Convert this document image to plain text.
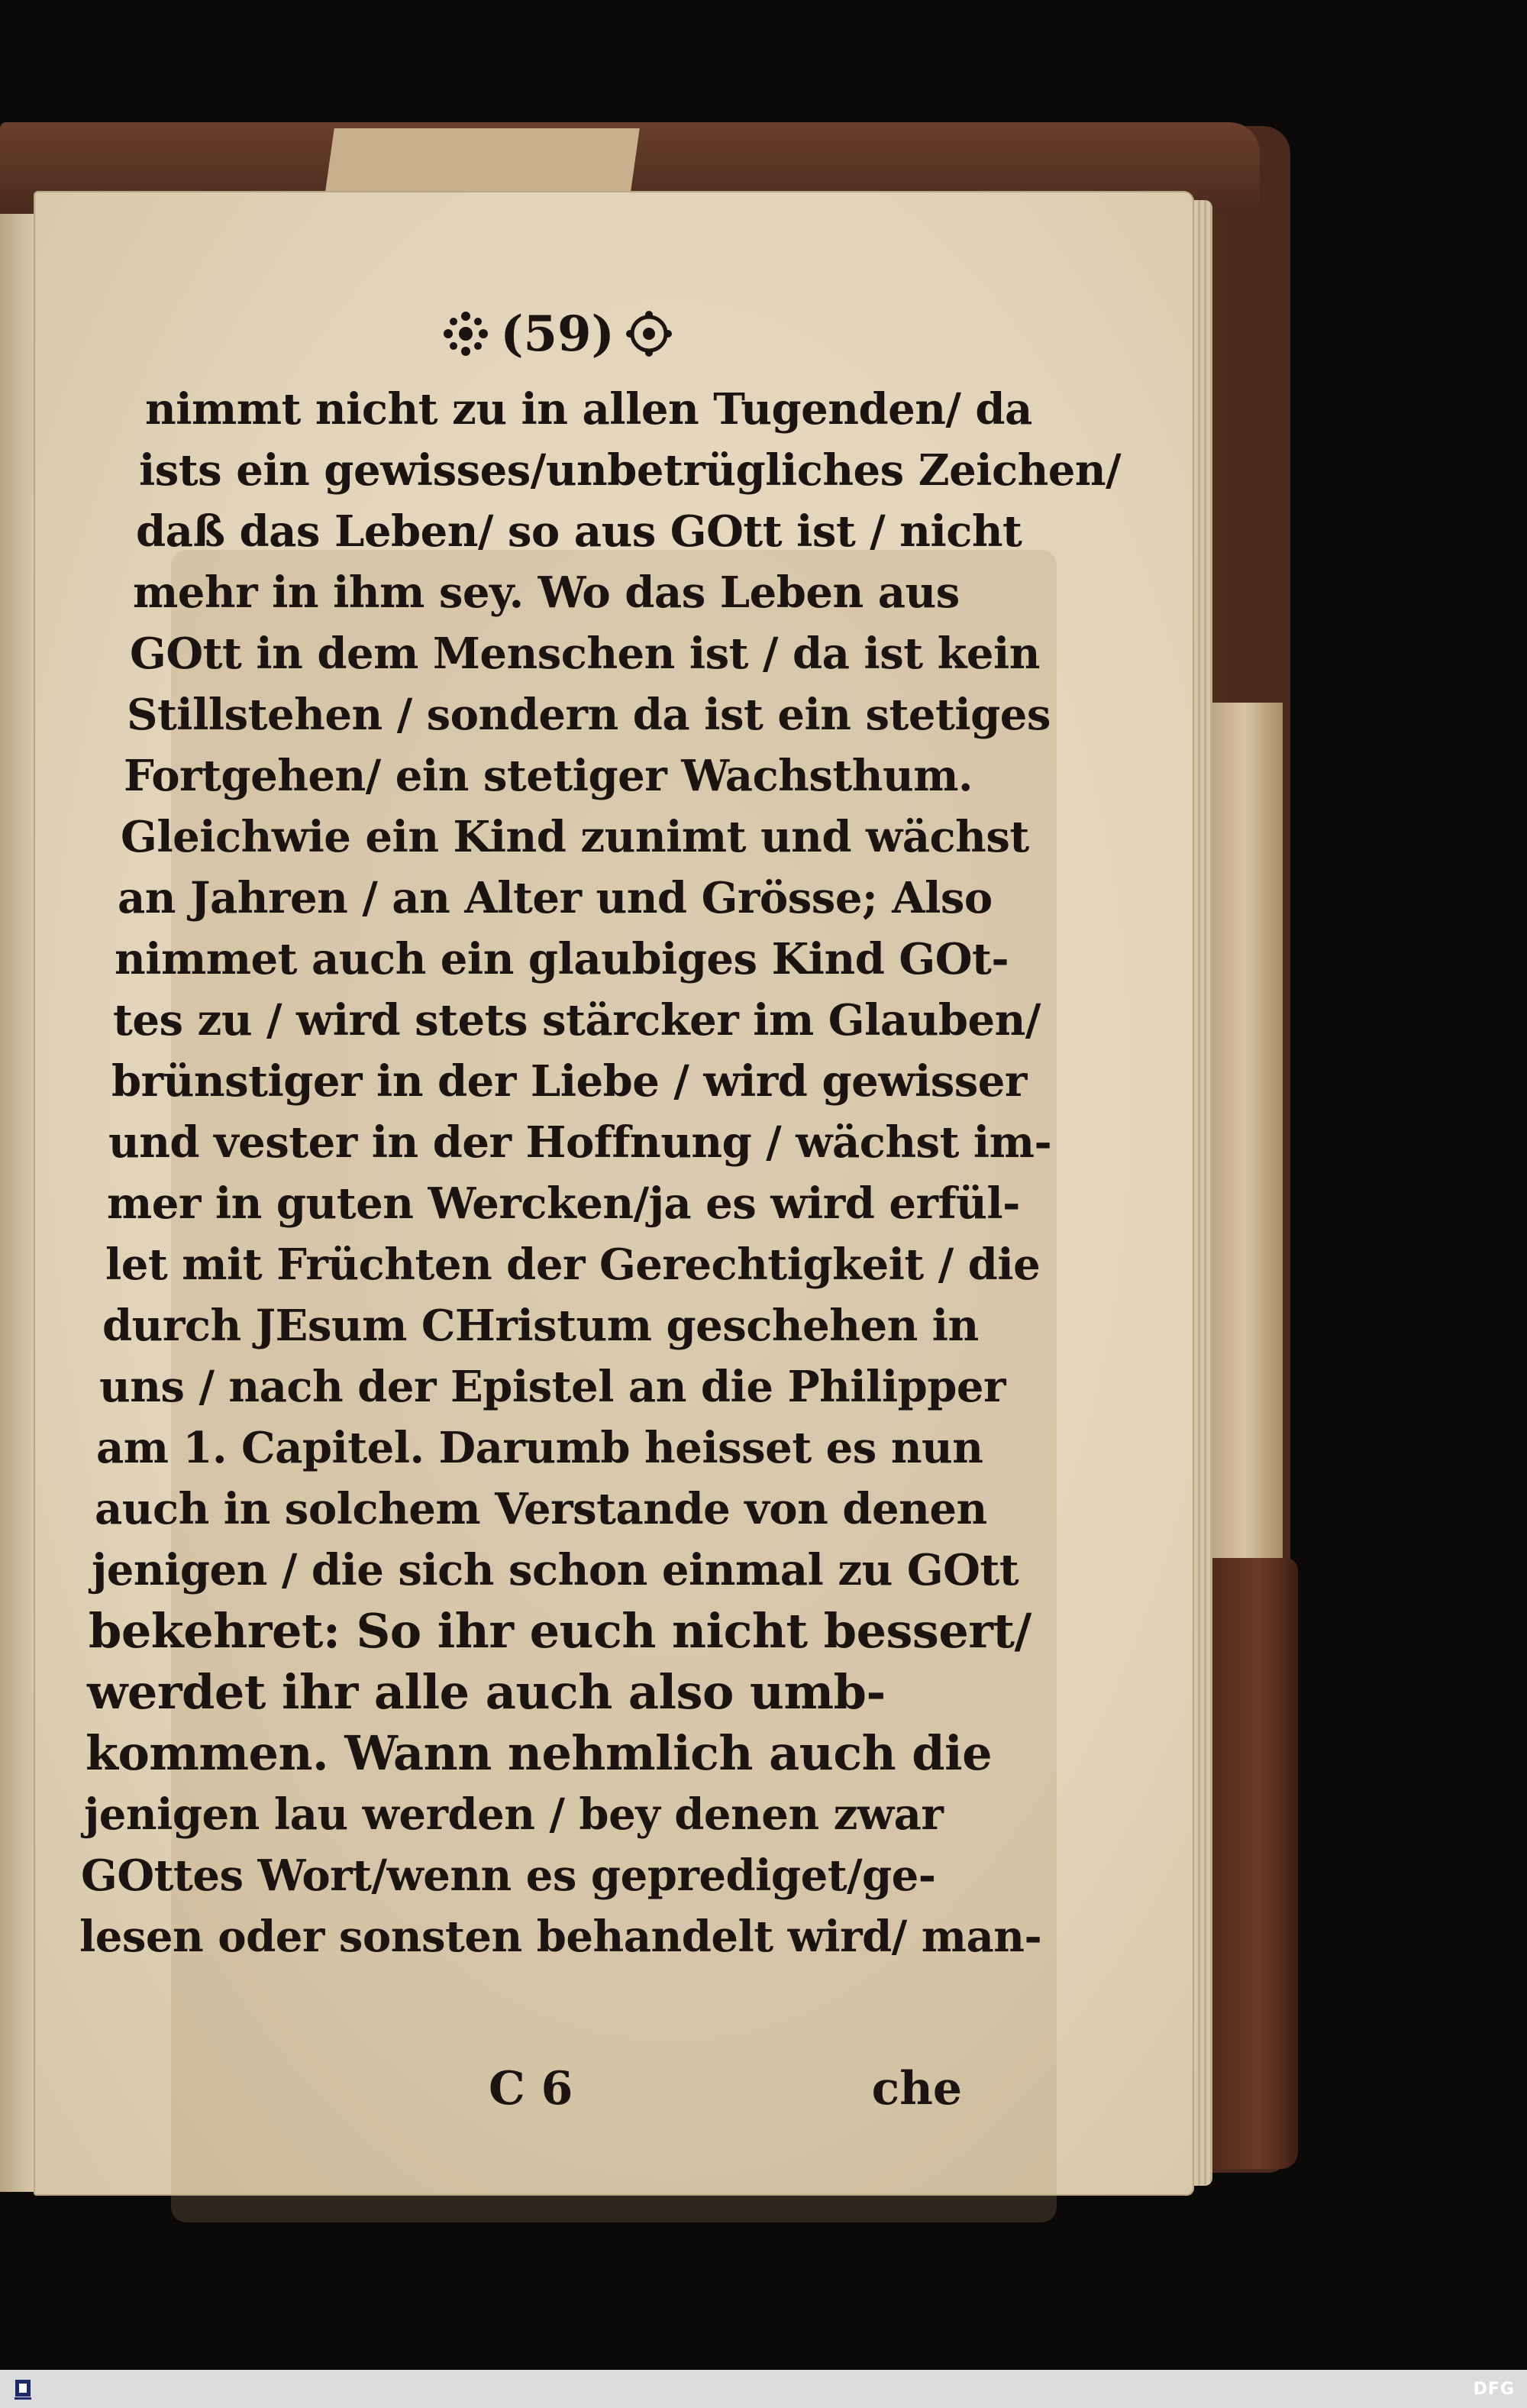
(59)
nimmt nicht zu in allen Tugenden/ da
ists ein gewisses/unbetrügliches Zeichen/
daß das Leben/ so aus GOtt ist / nicht
mehr in ihm sey. Wo das Leben aus
GOtt in dem Menschen ist / da ist kein
Stillstehen / sondern da ist ein stetiges
Fortgehen/ ein stetiger Wachsthum.
Gleichwie ein Kind zunimt und wächst
an Jahren / an Alter und Grösse; Also
nimmet auch ein glaubiges Kind GOt-
tes zu / wird stets stärcker im Glauben/
brünstiger in der Liebe / wird gewisser
und vester in der Hoffnung / wächst im-
mer in guten Wercken/ja es wird erfül-
let mit Früchten der Gerechtigkeit / die
durch JEsum CHristum geschehen in
uns / nach der Epistel an die Philipper
am 1. Capitel. Darumb heisset es nun
auch in solchem Verstande von denen
jenigen / die sich schon einmal zu GOtt
bekehret: So ihr euch nicht bessert/
werdet ihr alle auch also umb-
kommen. Wann nehmlich auch die
jenigen lau werden / bey denen zwar
GOttes Wort/wenn es geprediget/ge-
lesen oder sonsten behandelt wird/ man-
C 6	che
DFG
